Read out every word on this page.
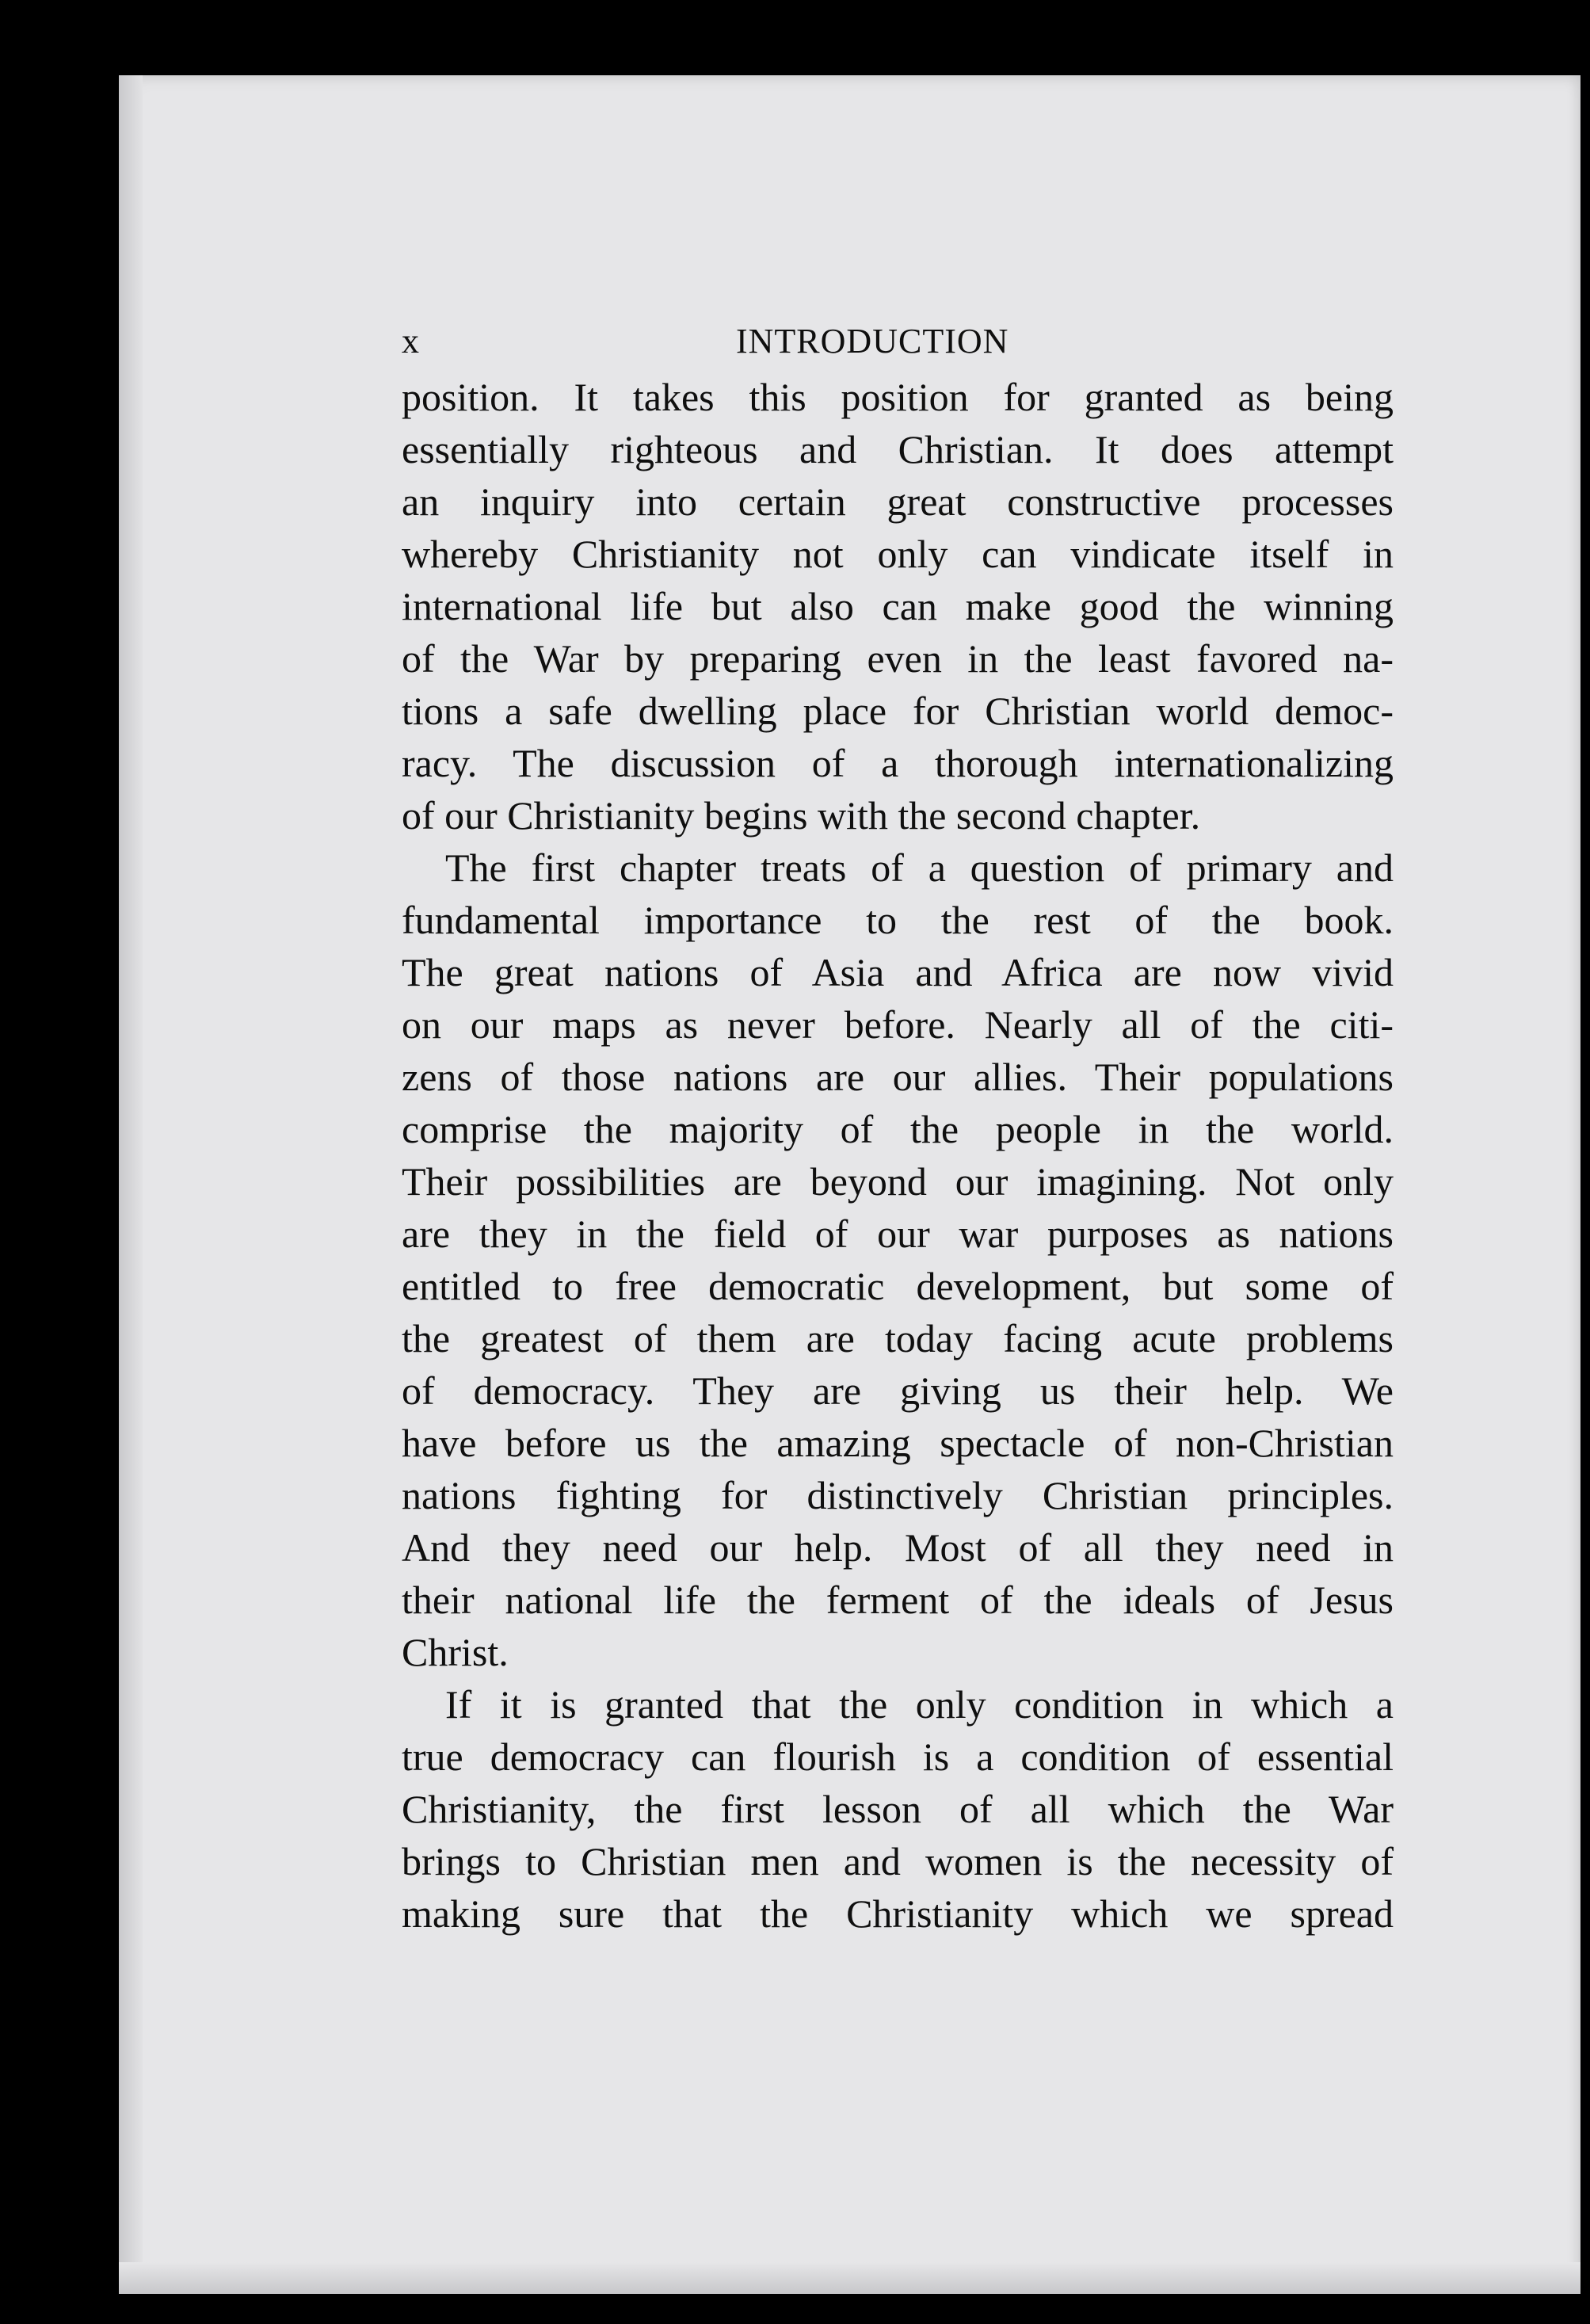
x	INTRODUCTION
position. It takes this position for granted as being
essentially righteous and Christian. It does attempt
an inquiry into certain great constructive processes
whereby Christianity not only can vindicate itself in
international life but also can make good the winning
of the War by preparing even in the least favored na-
tions a safe dwelling place for Christian world democ-
racy. The discussion of a thorough internationalizing
of our Christianity begins with the second chapter.
The first chapter treats of a question of primary and
fundamental importance to the rest of the book.
The great nations of Asia and Africa are now vivid
on our maps as never before. Nearly all of the citi-
zens of those nations are our allies. Their populations
comprise the majority of the people in the world.
Their possibilities are beyond our imagining. Not only
are they in the field of our war purposes as nations
entitled to free democratic development, but some of
the greatest of them are today facing acute problems
of democracy. They are giving us their help. We
have before us the amazing spectacle of non-Christian
nations fighting for distinctively Christian principles.
And they need our help. Most of all they need in
their national life the ferment of the ideals of Jesus
Christ.
If it is granted that the only condition in which a
true democracy can flourish is a condition of essential
Christianity, the first lesson of all which the War
brings to Christian men and women is the necessity of
making sure that the Christianity which we spread
